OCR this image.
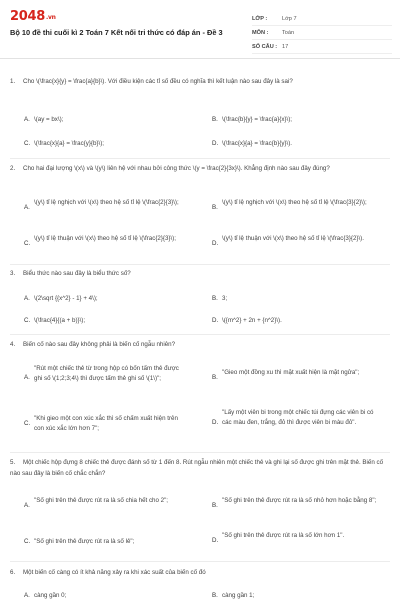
2048.vn
Bộ 10 đề thi cuối kì 2 Toán 7 Kết nối tri thức có đáp án - Đề 3
LỚP :	Lớp 7
MÔN :	Toán
SỐ CÂU : 17
1. Cho \(\frac{x}{y} = \frac{a}{b}\). Với điều kiện các tỉ số đều có nghĩa thì kết luận nào sau đây là sai?
A. \(ay = bx\);	B. \(\frac{b}{y} = \frac{a}{x}\);
C. \(\frac{x}{a} = \frac{y}{b}\);	D. \(\frac{x}{a} = \frac{b}{y}\).
2. Cho hai đại lượng \(x\) và \(y\) liên hệ với nhau bởi công thức \(y = \frac{2}{3x}\). Khẳng định nào sau đây đúng?
A.
\(y\) tỉ lệ nghịch với \(x\) theo hệ số tỉ lệ \(\frac{2}{3}\);
B.
\(y\) tỉ lệ nghịch với \(x\) theo hệ số tỉ lệ \(\frac{3}{2}\);
C.
\(y\) tỉ lệ thuận với \(x\) theo hệ số tỉ lệ \(\frac{2}{3}\);
D.
\(y\) tỉ lệ thuận với \(x\) theo hệ số tỉ lệ \(\frac{3}{2}\).
3. Biểu thức nào sau đây là biểu thức số?
A. \(2\sqrt {{x^2} - 1} + 4\);	B. 3;
C. \(\frac{4}{(a + b)}\);	D. \({m^2} + 2n + {n^2}\).
4. Biến cố nào sau đây không phải là biến cố ngẫu nhiên?
A.
"Rút một chiếc thẻ từ trong hộp có bốn tấm thẻ được ghi số \(1;2;3;4\) thì được tấm thẻ ghi số \(1\)";	B.
"Gieo một đồng xu thì mặt xuất hiện là mặt ngửa";
C.
"Khi gieo một con xúc xắc thì số chấm xuất hiện trên con xúc xắc lớn hơn 7";
D.
"Lấy một viên bi trong một chiếc túi đựng các viên bi có các màu đen, trắng, đỏ thì được viên bi màu đỏ".
5. Một chiếc hộp đựng 8 chiếc thẻ được đánh số từ 1 đến 8. Rút ngẫu nhiên một chiếc thẻ và ghi lại số được ghi trên mặt thẻ. Biến cố nào sau đây là biến cố chắc chắn?
A.
"Số ghi trên thẻ được rút ra là số chia hết cho 2";
B.
"Số ghi trên thẻ được rút ra là số nhỏ hơn hoặc bằng 8";
C. "Số ghi trên thẻ được rút ra là số lẻ";	D.
"Số ghi trên thẻ được rút ra là số lớn hơn 1".
6. Một biến cố càng có ít khả năng xảy ra khi xác suất của biến cố đó
A. càng gần 0;	B. càng gần 1;
